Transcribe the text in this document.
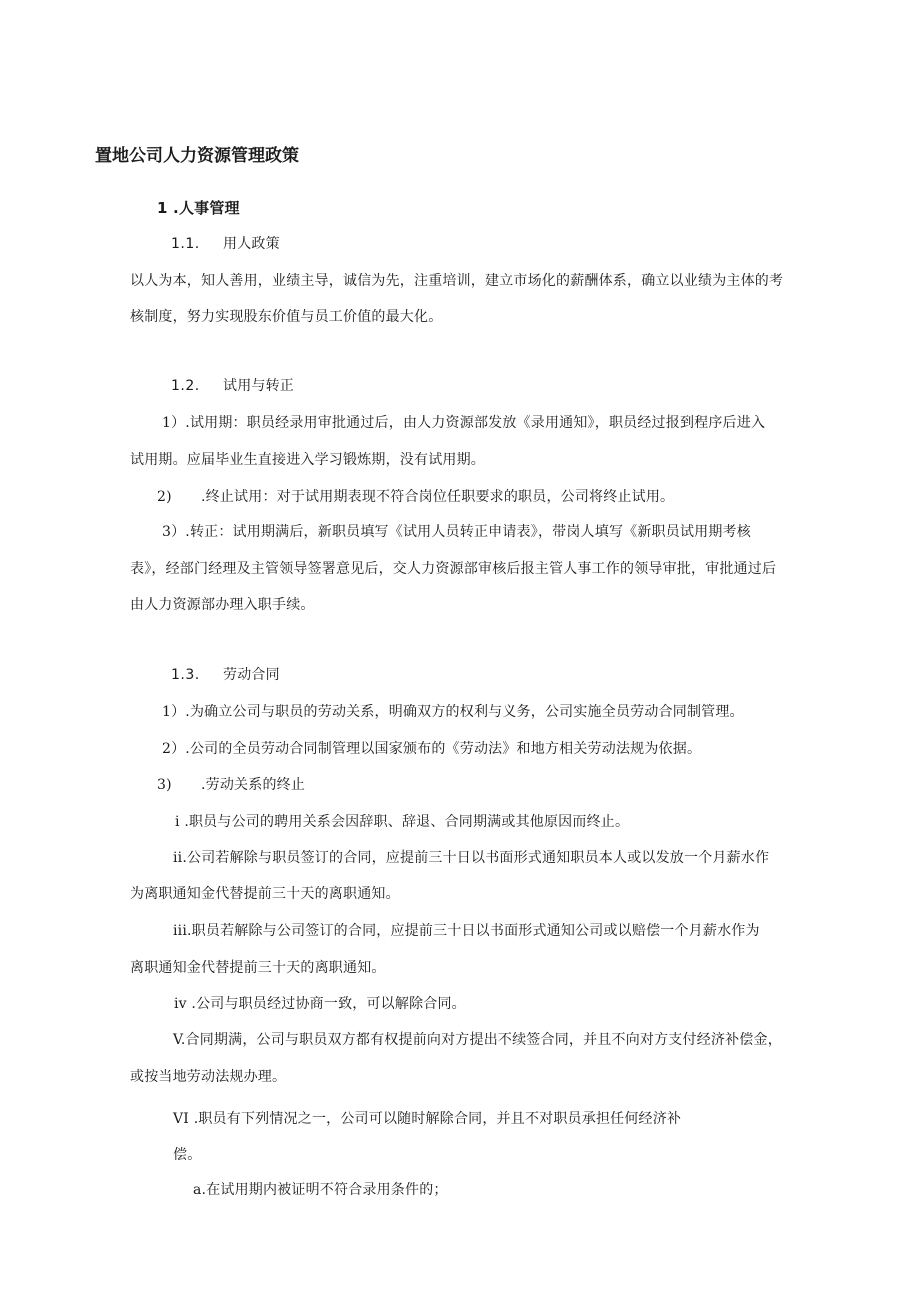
置地公司人力资源管理政策
1 .人事管理
1.1. 用人政策
以人为本，知人善用，业绩主导，诚信为先，注重培训，建立市场化的薪酬体系，确立以业绩为主体的考
核制度，努力实现股东价值与员工价值的最大化。
1.2. 试用与转正
1）.试用期：职员经录用审批通过后，由人力资源部发放《录用通知》，职员经过报到程序后进入
试用期。应届毕业生直接进入学习锻炼期，没有试用期。
2) .终止试用：对于试用期表现不符合岗位任职要求的职员，公司将终止试用。
3）.转正：试用期满后，新职员填写《试用人员转正申请表》，带岗人填写《新职员试用期考核
表》，经部门经理及主管领导签署意见后，交人力资源部审核后报主管人事工作的领导审批，审批通过后
由人力资源部办理入职手续。
1.3. 劳动合同
1）.为确立公司与职员的劳动关系，明确双方的权利与义务，公司实施全员劳动合同制管理。
2）.公司的全员劳动合同制管理以国家颁布的《劳动法》和地方相关劳动法规为依据。
3) .劳动关系的终止
i .职员与公司的聘用关系会因辞职、辞退、合同期满或其他原因而终止。
ii.公司若解除与职员签订的合同，应提前三十日以书面形式通知职员本人或以发放一个月薪水作
为离职通知金代替提前三十天的离职通知。
iii.职员若解除与公司签订的合同，应提前三十日以书面形式通知公司或以赔偿一个月薪水作为
离职通知金代替提前三十天的离职通知。
iv .公司与职员经过协商一致，可以解除合同。
V.合同期满，公司与职员双方都有权提前向对方提出不续签合同，并且不向对方支付经济补偿金，
或按当地劳动法规办理。
VI .职员有下列情况之一，公司可以随时解除合同，并且不对职员承担任何经济补
偿。
a.在试用期内被证明不符合录用条件的；
